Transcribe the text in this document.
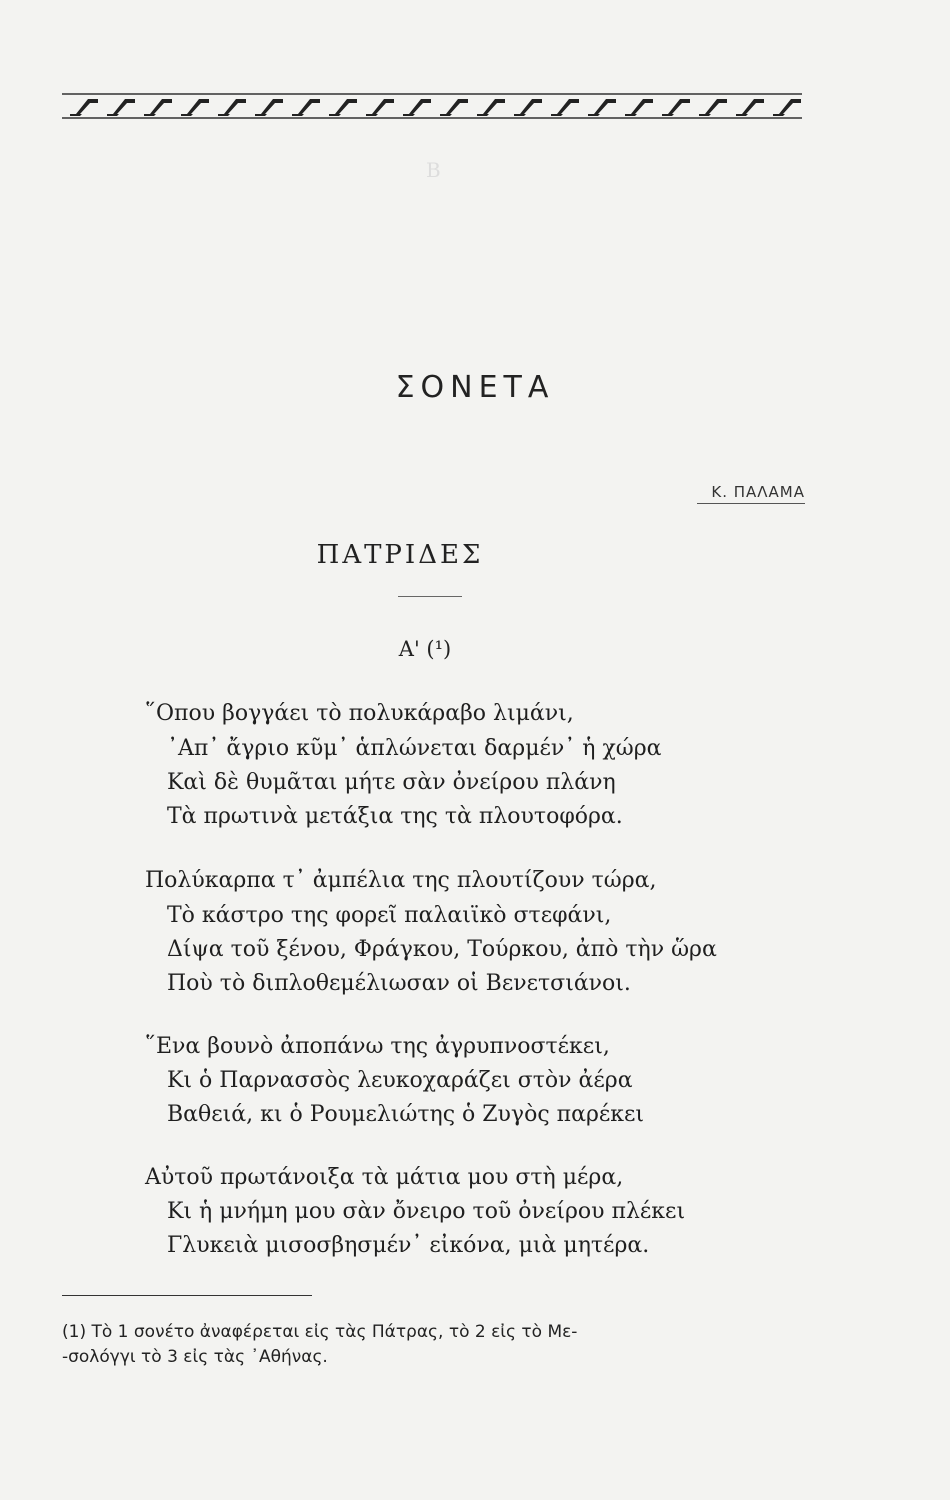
Β
ΣΟΝΕΤΑ
Κ. ΠΑΛΑΜΑ
ΠΑΤΡΙΔΕΣ
Α' (¹)
῞Οπου βογγάει τὸ πολυκάραβο λιμάνι,
᾿Απ᾿ ἄγριο κῦμ᾿ ἁπλώνεται δαρμέν᾿ ἡ χώρα
Καὶ δὲ θυμᾶται μήτε σὰν ὀνείρου πλάνη
Τὰ πρωτινὰ μετάξια της τὰ πλουτοφόρα.
Πολύκαρπα τ᾿ ἀμπέλια της πλουτίζουν τώρα,
Τὸ κάστρο της φορεῖ παλαιϊκὸ στεφάνι,
Δίψα τοῦ ξένου, Φράγκου, Τούρκου, ἀπὸ τὴν ὥρα
Ποὺ τὸ διπλοθεμέλιωσαν οἱ Βενετσιάνοι.
῞Ενα βουνὸ ἀποπάνω της ἀγρυπνοστέκει,
Κι ὁ Παρνασσὸς λευκοχαράζει στὸν ἀέρα
Βαθειά, κι ὁ Ρουμελιώτης ὁ Ζυγὸς παρέκει
Αὐτοῦ πρωτάνοιξα τὰ μάτια μου στὴ μέρα,
Κι ἡ μνήμη μου σὰν ὄνειρο τοῦ ὀνείρου πλέκει
Γλυκειὰ μισοσβησμέν᾿ εἰκόνα, μιὰ μητέρα.
(1) Τὸ 1 σονέτο ἀναφέρεται εἰς τὰς Πάτρας, τὸ 2 εἰς τὸ Με-
-σολόγγι τὸ 3 εἰς τὰς ᾿Αθήνας.
